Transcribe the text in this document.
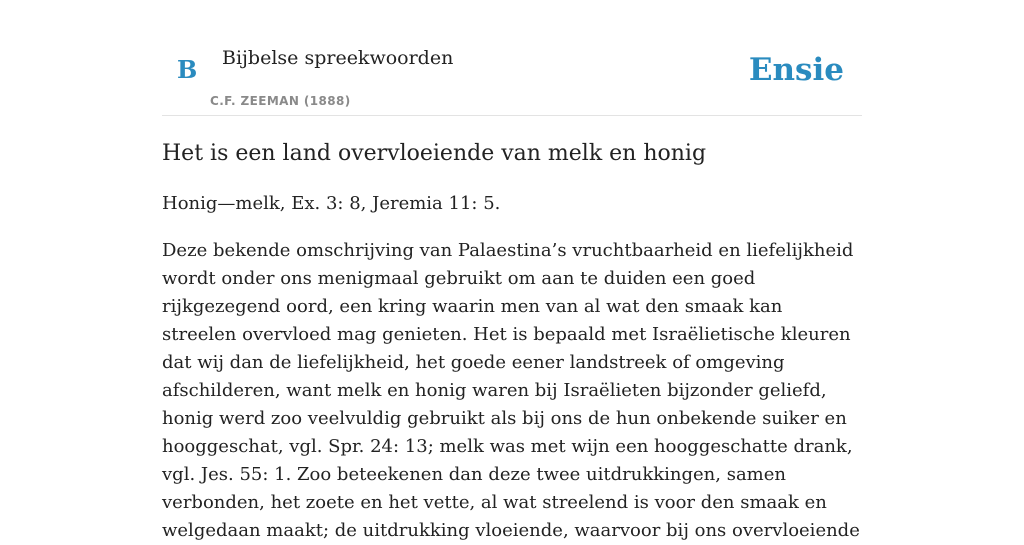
B Bijbelse spreekwoorden
C.F. ZEEMAN (1888)
Ensie
Het is een land overvloeiende van melk en honig

Honig—melk, Ex. 3: 8, Jeremia 11: 5.

Deze bekende omschrijving van Palaestina’s vruchtbaarheid en liefelijkheid wordt onder ons menigmaal gebruikt om aan te duiden een goed rijkgezegend oord, een kring waarin men van al wat den smaak kan streelen overvloed mag genieten. Het is bepaald met Israëlietische kleuren dat wij dan de liefelijkheid, het goede eener landstreek of omgeving afschilderen, want melk en honig waren bij Israëlieten bijzonder geliefd, honig werd zoo veelvuldig gebruikt als bij ons de hun onbekende suiker en hooggeschat, vgl. Spr. 24: 13; melk was met wijn een hooggeschatte drank, vgl. Jes. 55: 1. Zoo beteekenen dan deze twee uitdrukkingen, samen verbonden, het zoete en het vette, al wat streelend is voor den smaak en welgedaan maakt; de uitdrukking vloeiende, waarvoor bij ons overvloeiende
